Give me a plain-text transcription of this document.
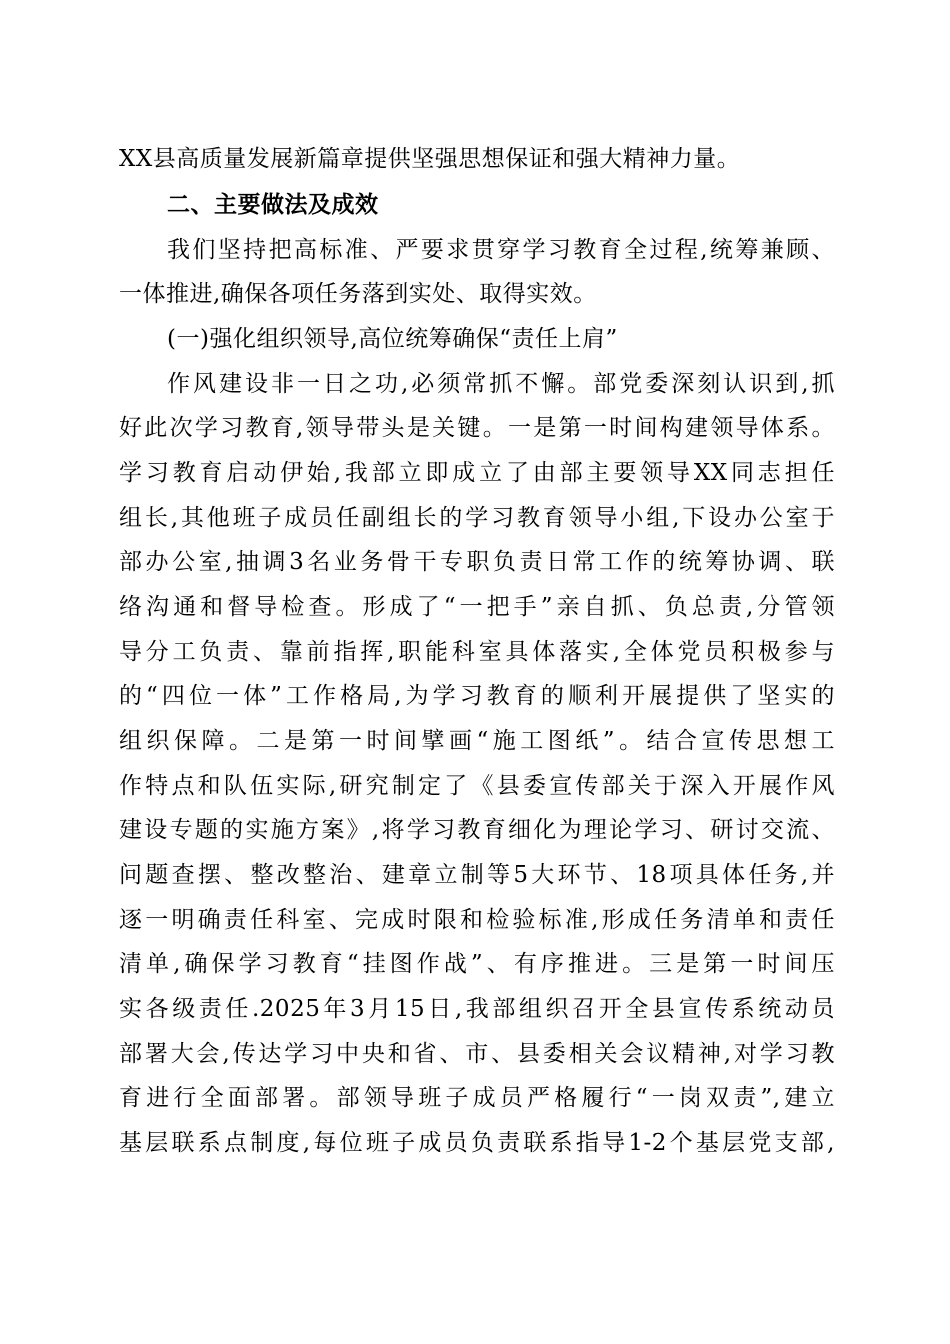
XX县高质量发展新篇章提供坚强思想保证和强大精神力量。
二、主要做法及成效
我们坚持把高标准、严要求贯穿学习教育全过程,统筹兼顾、
一体推进,确保各项任务落到实处、取得实效。
(一)强化组织领导,高位统筹确保“责任上肩”
作风建设非一日之功,必须常抓不懈。部党委深刻认识到,抓
好此次学习教育,领导带头是关键。一是第一时间构建领导体系。
学习教育启动伊始,我部立即成立了由部主要领导XX同志担任
组长,其他班子成员任副组长的学习教育领导小组,下设办公室于
部办公室,抽调3名业务骨干专职负责日常工作的统筹协调、联
络沟通和督导检查。形成了“一把手”亲自抓、负总责,分管领
导分工负责、靠前指挥,职能科室具体落实,全体党员积极参与
的“四位一体”工作格局,为学习教育的顺利开展提供了坚实的
组织保障。二是第一时间擘画“施工图纸”。结合宣传思想工
作特点和队伍实际,研究制定了《县委宣传部关于深入开展作风
建设专题的实施方案》,将学习教育细化为理论学习、研讨交流、
问题查摆、整改整治、建章立制等5大环节、18项具体任务,并
逐一明确责任科室、完成时限和检验标准,形成任务清单和责任
清单,确保学习教育“挂图作战”、有序推进。三是第一时间压
实各级责任.2025年3月15日,我部组织召开全县宣传系统动员
部署大会,传达学习中央和省、市、县委相关会议精神,对学习教
育进行全面部署。部领导班子成员严格履行“一岗双责”,建立
基层联系点制度,每位班子成员负责联系指导1-2个基层党支部,
